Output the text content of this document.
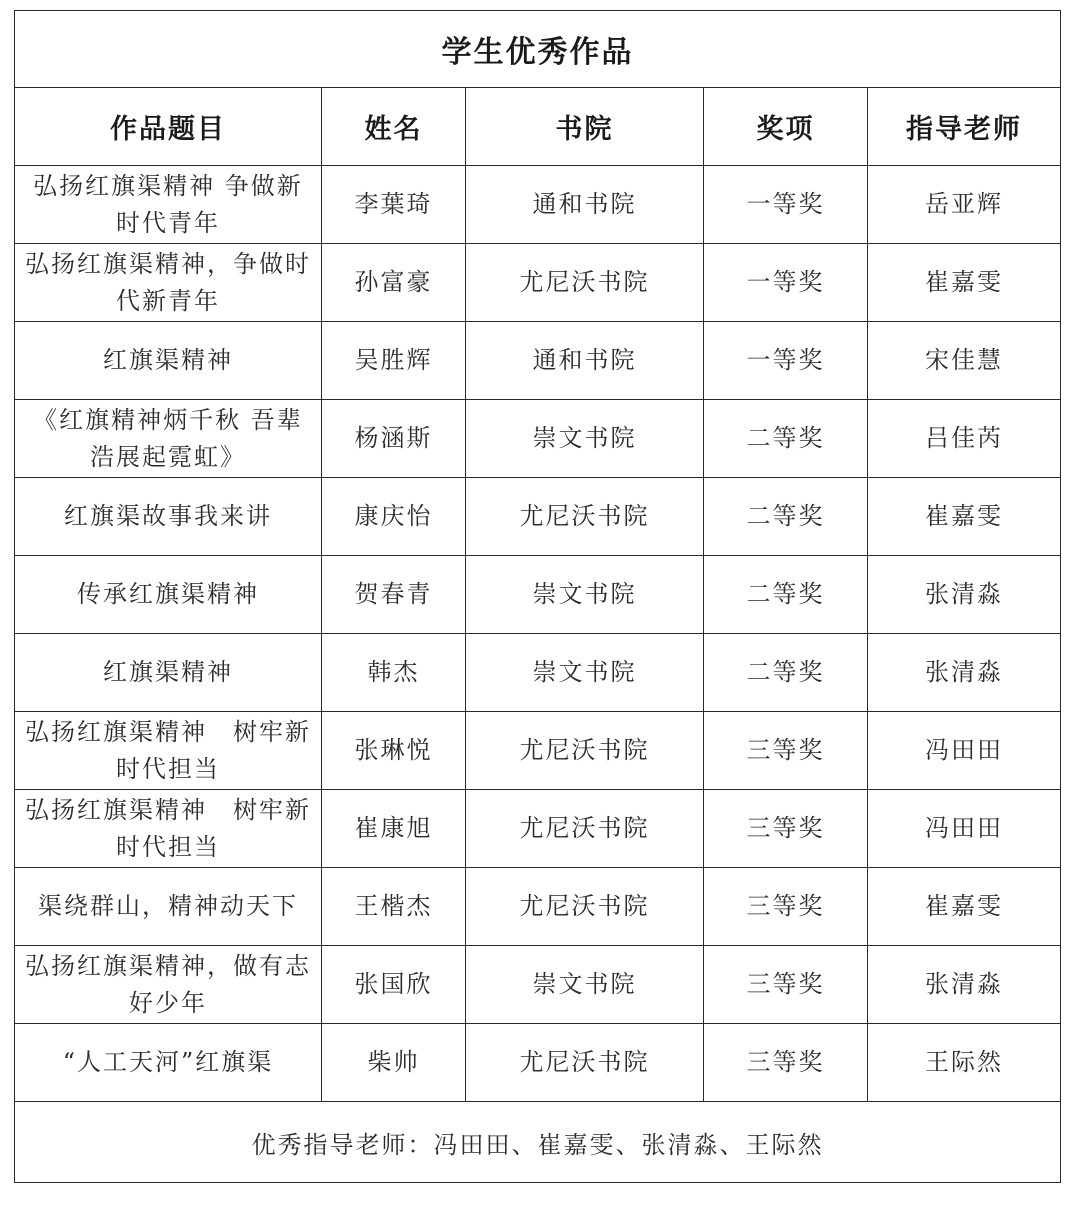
学生优秀作品				
作品题目	姓名	书院	奖项	指导老师
弘扬红旗渠精神 争做新时代青年	李葉琦	通和书院	一等奖	岳亚辉
弘扬红旗渠精神，争做时代新青年	孙富豪	尤尼沃书院	一等奖	崔嘉雯
红旗渠精神	吴胜辉	通和书院	一等奖	宋佳慧
《红旗精神炳千秋 吾辈浩展起霓虹》	杨涵斯	崇文书院	二等奖	吕佳芮
红旗渠故事我来讲	康庆怡	尤尼沃书院	二等奖	崔嘉雯
传承红旗渠精神	贺春青	崇文书院	二等奖	张清淼
红旗渠精神	韩杰	崇文书院	二等奖	张清淼
弘扬红旗渠精神　树牢新时代担当	张琳悦	尤尼沃书院	三等奖	冯田田
弘扬红旗渠精神　树牢新时代担当	崔康旭	尤尼沃书院	三等奖	冯田田
渠绕群山，精神动天下	王楷杰	尤尼沃书院	三等奖	崔嘉雯
弘扬红旗渠精神，做有志好少年	张国欣	崇文书院	三等奖	张清淼
“人工天河”红旗渠	柴帅	尤尼沃书院	三等奖	王际然
优秀指导老师：冯田田、崔嘉雯、张清淼、王际然				
